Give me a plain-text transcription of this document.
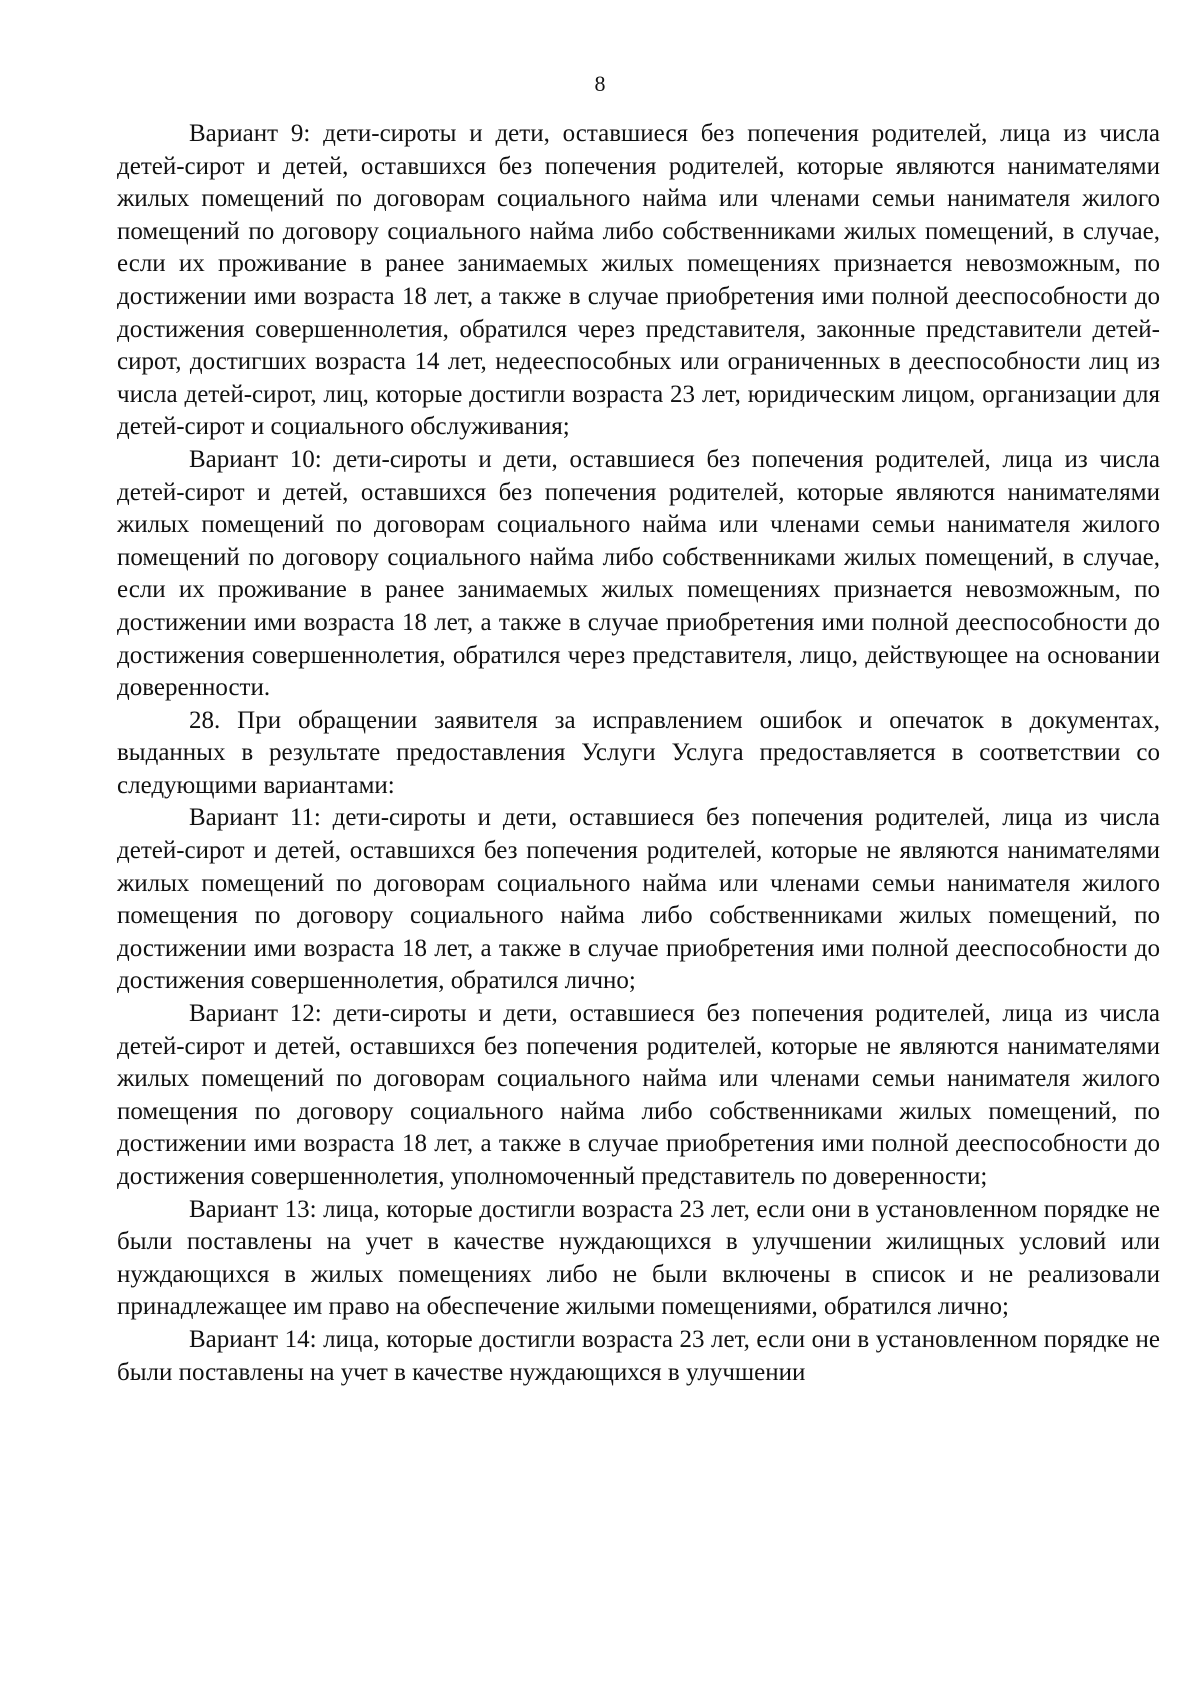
8

Вариант 9: дети-сироты и дети, оставшиеся без попечения родителей, лица из числа детей-сирот и детей, оставшихся без попечения родителей, которые являются нанимателями жилых помещений по договорам социального найма или членами семьи нанимателя жилого помещений по договору социального найма либо собственниками жилых помещений, в случае, если их проживание в ранее занимаемых жилых помещениях признается невозможным, по достижении ими возраста 18 лет, а также в случае приобретения ими полной дееспособности до достижения совершеннолетия, обратился через представителя, законные представители детей-сирот, достигших возраста 14 лет, недееспособных или ограниченных в дееспособности лиц из числа детей-сирот, лиц, которые достигли возраста 23 лет, юридическим лицом, организации для детей-сирот и социального обслуживания;

Вариант 10: дети-сироты и дети, оставшиеся без попечения родителей, лица из числа детей-сирот и детей, оставшихся без попечения родителей, которые являются нанимателями жилых помещений по договорам социального найма или членами семьи нанимателя жилого помещений по договору социального найма либо собственниками жилых помещений, в случае, если их проживание в ранее занимаемых жилых помещениях признается невозможным, по достижении ими возраста 18 лет, а также в случае приобретения ими полной дееспособности до достижения совершеннолетия, обратился через представителя, лицо, действующее на основании доверенности.

28. При обращении заявителя за исправлением ошибок и опечаток в документах, выданных в результате предоставления Услуги Услуга предоставляется в соответствии со следующими вариантами:

Вариант 11: дети-сироты и дети, оставшиеся без попечения родителей, лица из числа детей-сирот и детей, оставшихся без попечения родителей, которые не являются нанимателями жилых помещений по договорам социального найма или членами семьи нанимателя жилого помещения по договору социального найма либо собственниками жилых помещений, по достижении ими возраста 18 лет, а также в случае приобретения ими полной дееспособности до достижения совершеннолетия, обратился лично;

Вариант 12: дети-сироты и дети, оставшиеся без попечения родителей, лица из числа детей-сирот и детей, оставшихся без попечения родителей, которые не являются нанимателями жилых помещений по договорам социального найма или членами семьи нанимателя жилого помещения по договору социального найма либо собственниками жилых помещений, по достижении ими возраста 18 лет, а также в случае приобретения ими полной дееспособности до достижения совершеннолетия, уполномоченный представитель по доверенности;

Вариант 13: лица, которые достигли возраста 23 лет, если они в установленном порядке не были поставлены на учет в качестве нуждающихся в улучшении жилищных условий или нуждающихся в жилых помещениях либо не были включены в список и не реализовали принадлежащее им право на обеспечение жилыми помещениями, обратился лично;

Вариант 14: лица, которые достигли возраста 23 лет, если они в установленном порядке не были поставлены на учет в качестве нуждающихся в улучшении
